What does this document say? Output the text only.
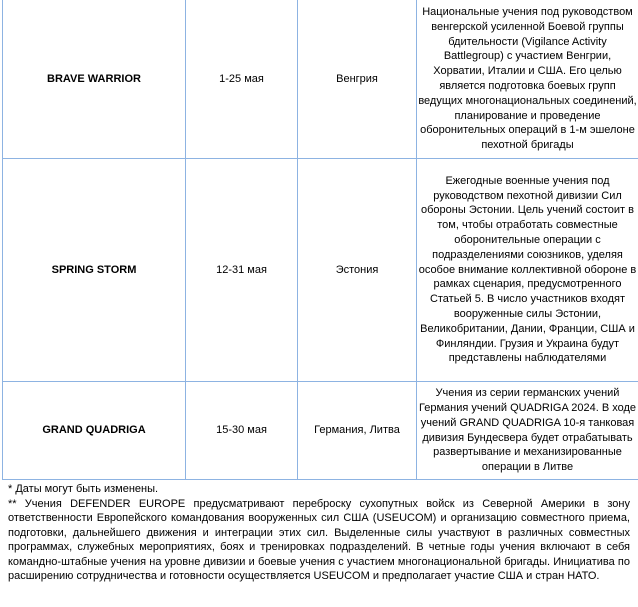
BRAVE WARRIOR	1-25 мая	Венгрия	Национальные учения под руководством венгерской усиленной Боевой группы бдительности (Vigilance Activity Battlegroup) с участием Венгрии, Хорватии, Италии и США. Его целью является подготовка боевых групп ведущих многонациональных соединений, планирование и проведение оборонительных операций в 1-м эшелоне пехотной бригады
SPRING STORM	12-31 мая	Эстония	Ежегодные военные учения под руководством пехотной дивизии Сил обороны Эстонии. Цель учений состоит в том, чтобы отработать совместные оборонительные операции с подразделениями союзников, уделяя особое внимание коллективной обороне в рамках сценария, предусмотренного Статьей 5. В число участников входят вооруженные силы Эстонии, Великобритании, Дании, Франции, США и Финляндии. Грузия и Украина будут представлены наблюдателями
GRAND QUADRIGA	15-30 мая	Германия, Литва	Учения из серии германских учений Германия учений QUADRIGA 2024. В ходе учений GRAND QUADRIGA 10-я танковая дивизия Бундесвера будет отрабатывать развертывание и механизированные операции в Литве

* Даты могут быть изменены.

** Учения DEFENDER EUROPE предусматривают переброску сухопутных войск из Северной Америки в зону ответственности Европейского командования вооруженных сил США (USEUCOM) и организацию совместного приема, подготовки, дальнейшего движения и интеграции этих сил. Выделенные силы участвуют в различных совместных программах, служебных мероприятиях, боях и тренировках подразделений. В четные годы учения включают в себя командно-штабные учения на уровне дивизии и боевые учения с участием многонациональной бригады. Инициатива по расширению сотрудничества и готовности осуществляется USEUCOM и предполагает участие США и стран НАТО.
